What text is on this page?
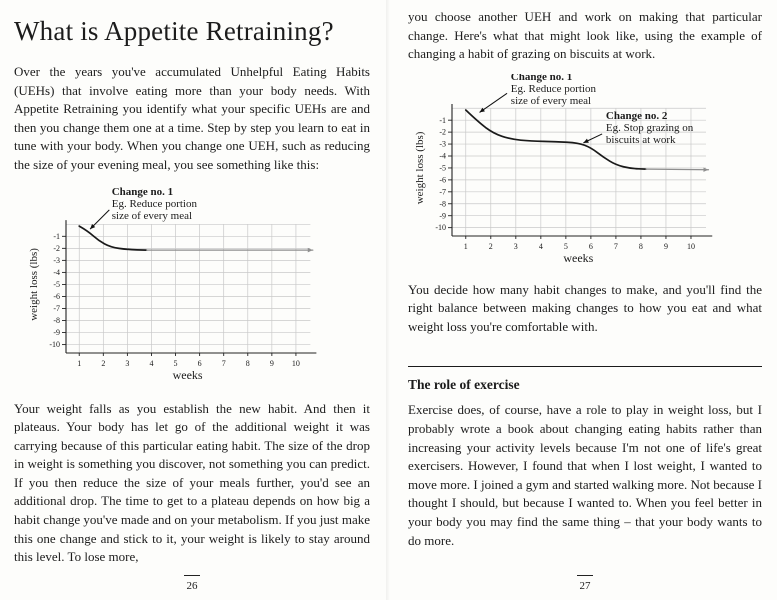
What is Appetite Retraining?

Over the years you've accumulated Unhelpful Eating Habits (UEHs) that involve eating more than your body needs. With Appetite Retraining you identify what your specific UEHs are and then you change them one at a time. Step by step you learn to eat in tune with your body. When you change one UEH, such as reducing the size of your evening meal, you see something like this:

-1
-2
-3
-4
-5
-6
-7
-8
-9
-10
1	2	3	4	5	6	7	8	9 10
weeks
weight loss (lbs)
Change no. 1
Eg. Reduce portion
size of every meal

Your weight falls as you establish the new habit. And then it plateaus. Your body has let go of the additional weight it was carrying because of this particular eating habit. The size of the drop in weight is something you discover, not something you can predict. If you then reduce the size of your meals further, you'd see an additional drop. The time to get to a plateau depends on how big a habit change you've made and on your metabolism. If you just make this one change and stick to it, your weight is likely to stay around this level. To lose more,

26

you choose another UEH and work on making that particular change. Here's what that might look like, using the example of changing a habit of grazing on biscuits at work.

-1
-2
-3
-4
-5
-6
-7
-8
-9
-10
1	2	3	4	5	6	7	8	9 10
weeks
weight loss (lbs)
Change no. 1
Eg. Reduce portion
size of every meal
Change no. 2
Eg. Stop grazing on
biscuits at work

You decide how many habit changes to make, and you'll find the right balance between making changes to how you eat and what weight loss you're comfortable with.

The role of exercise

Exercise does, of course, have a role to play in weight loss, but I probably wrote a book about changing eating habits rather than increasing your activity levels because I'm not one of life's great exercisers. However, I found that when I lost weight, I wanted to move more. I joined a gym and started walking more. Not because I thought I should, but because I wanted to. When you feel better in your body you may find the same thing – that your body wants to do more.

27
